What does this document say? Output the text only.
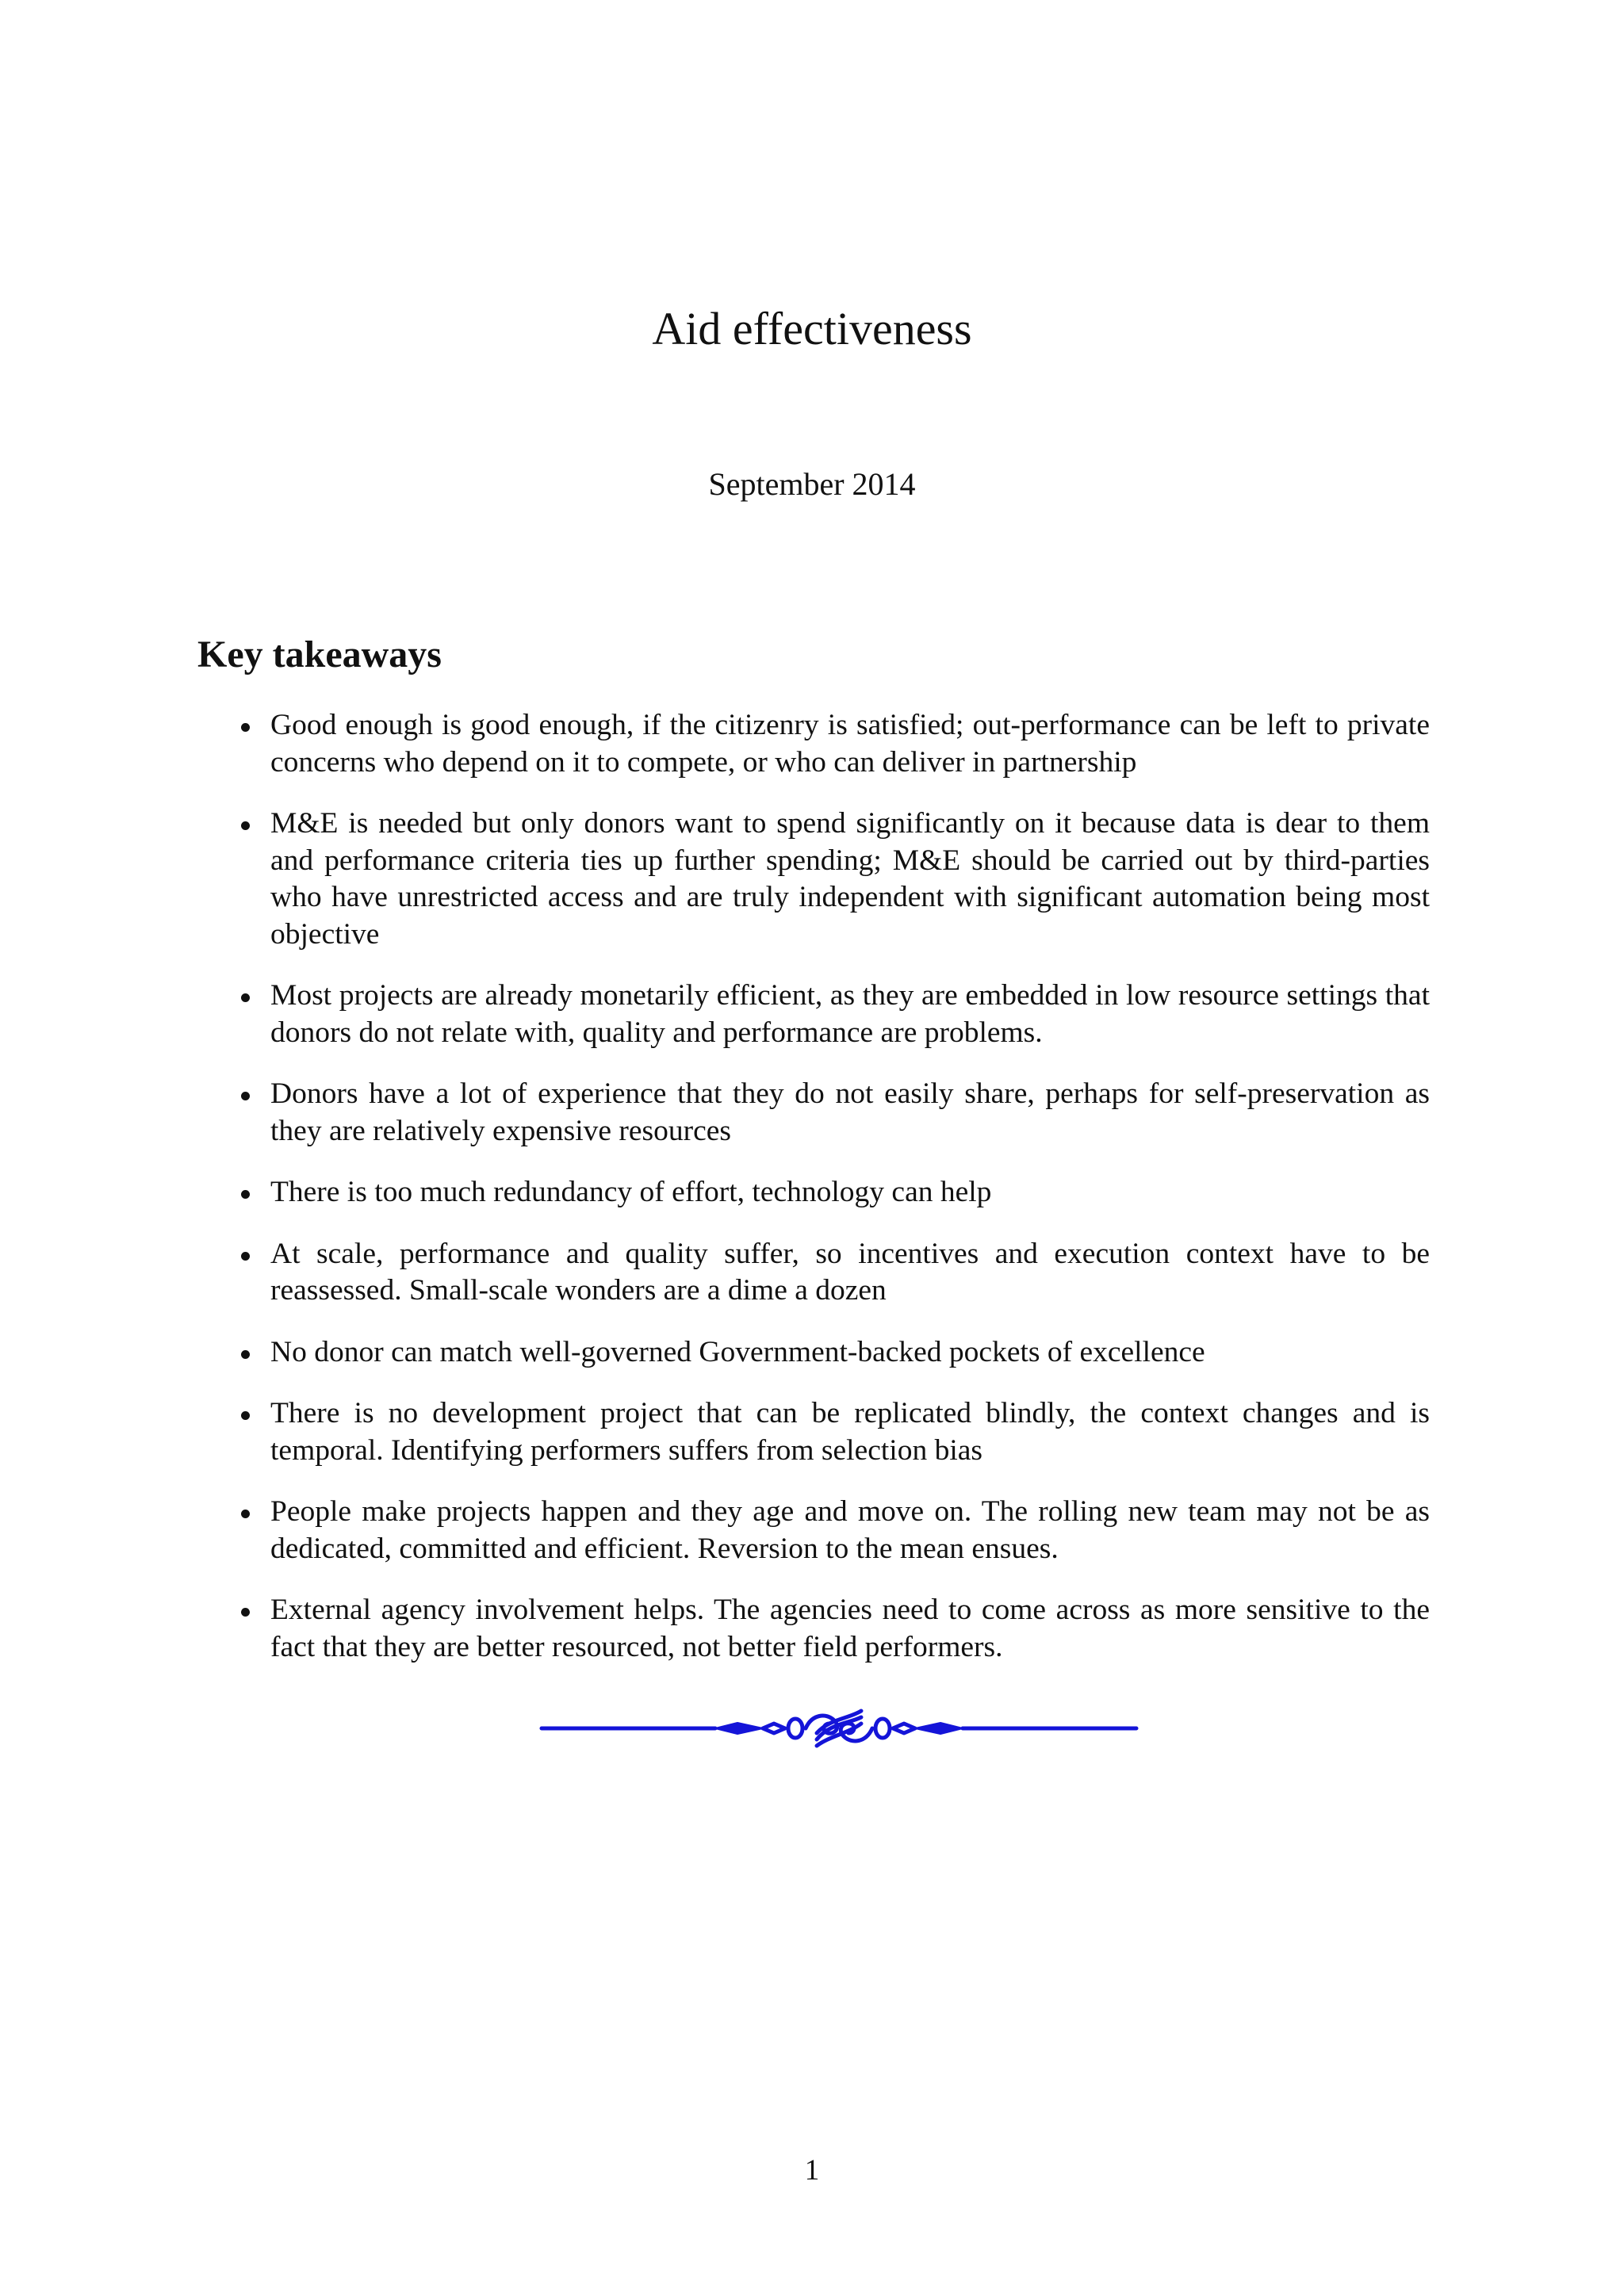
Aid effectiveness
September 2014
Key takeaways
Good enough is good enough, if the citizenry is satisfied; out-performance can be left to private concerns who depend on it to compete, or who can deliver in partnership
M&E is needed but only donors want to spend significantly on it because data is dear to them and performance criteria ties up further spending; M&E should be carried out by third-parties who have unrestricted access and are truly independent with significant automation being most objective
Most projects are already monetarily efficient, as they are embedded in low resource settings that donors do not relate with, quality and performance are problems.
Donors have a lot of experience that they do not easily share, perhaps for self-preservation as they are relatively expensive resources
There is too much redundancy of effort, technology can help
At scale, performance and quality suffer, so incentives and execution context have to be reassessed. Small-scale wonders are a dime a dozen
No donor can match well-governed Government-backed pockets of excellence
There is no development project that can be replicated blindly, the context changes and is temporal. Identifying performers suffers from selection bias
People make projects happen and they age and move on. The rolling new team may not be as dedicated, committed and efficient. Reversion to the mean ensues.
External agency involvement helps. The agencies need to come across as more sensitive to the fact that they are better resourced, not better field performers.
1
